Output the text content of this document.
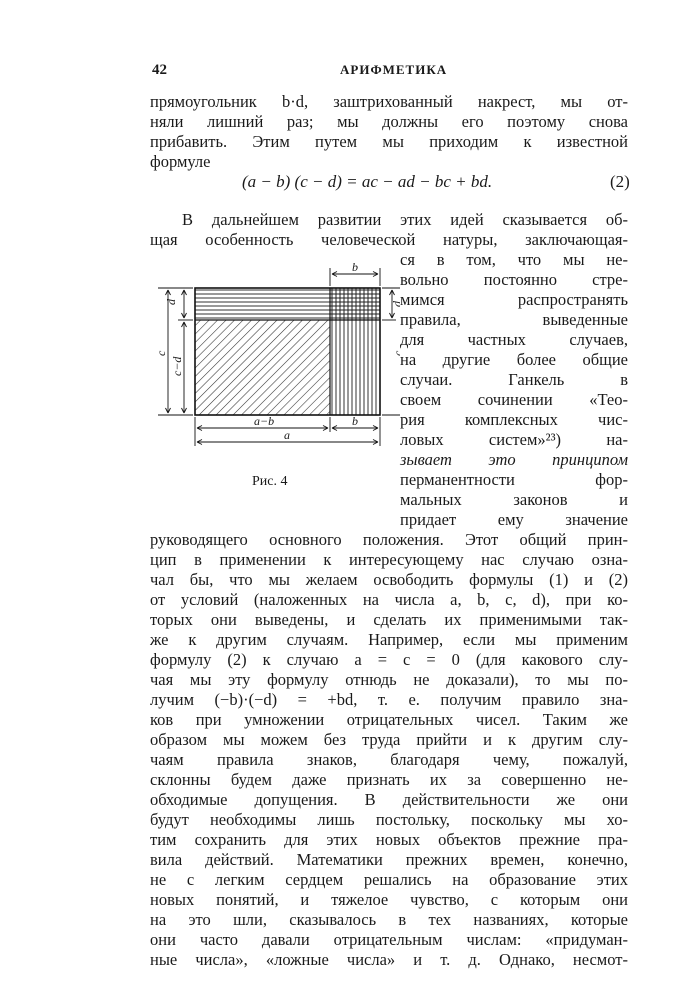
42	АРИФМЕТИКА
прямоугольник b·d, заштрихованный накрест, мы от-
няли лишний раз; мы должны его поэтому снова
прибавить. Этим путем мы приходим к известной
формуле
(a − b) (c − d) = ac − ad − bc + bd.	(2)
В дальнейшем развитии этих идей сказывается об-
щая особенность человеческой натуры, заключающая-
ся в том, что мы не-
вольно постоянно стре-
мимся распространять
правила, выведенные
для частных случаев,
на другие более общие
случаи. Ганкель в
своем сочинении «Тео-
рия комплексных чис-
ловых систем»²³) на-
зывает это принципом
перманентности фор-
мальных законов и
придает ему значение
руководящего основного положения. Этот общий прин-
цип в применении к интересующему нас случаю озна-
чал бы, что мы желаем освободить формулы (1) и (2)
от условий (наложенных на числа a, b, c, d), при ко-
торых они выведены, и сделать их применимыми так-
же к другим случаям. Например, если мы применим
формулу (2) к случаю a = c = 0 (для какового слу-
чая мы эту формулу отнюдь не доказали), то мы по-
лучим (−b)·(−d) = +bd, т. е. получим правило зна-
ков при умножении отрицательных чисел. Таким же
образом мы можем без труда прийти и к другим слу-
чаям правила знаков, благодаря чему, пожалуй,
склонны будем даже признать их за совершенно не-
обходимые допущения. В действительности же они
будут необходимы лишь постольку, поскольку мы хо-
тим сохранить для этих новых объектов прежние пра-
вила действий. Математики прежних времен, конечно,
не с легким сердцем решались на образование этих
новых понятий, и тяжелое чувство, с которым они
на это шли, сказывалось в тех названиях, которые
они часто давали отрицательным числам: «придуман-
ные числа», «ложные числа» и т. д. Однако, несмот-
b
d
c
c−d
a−b	b
a
Рис. 4
